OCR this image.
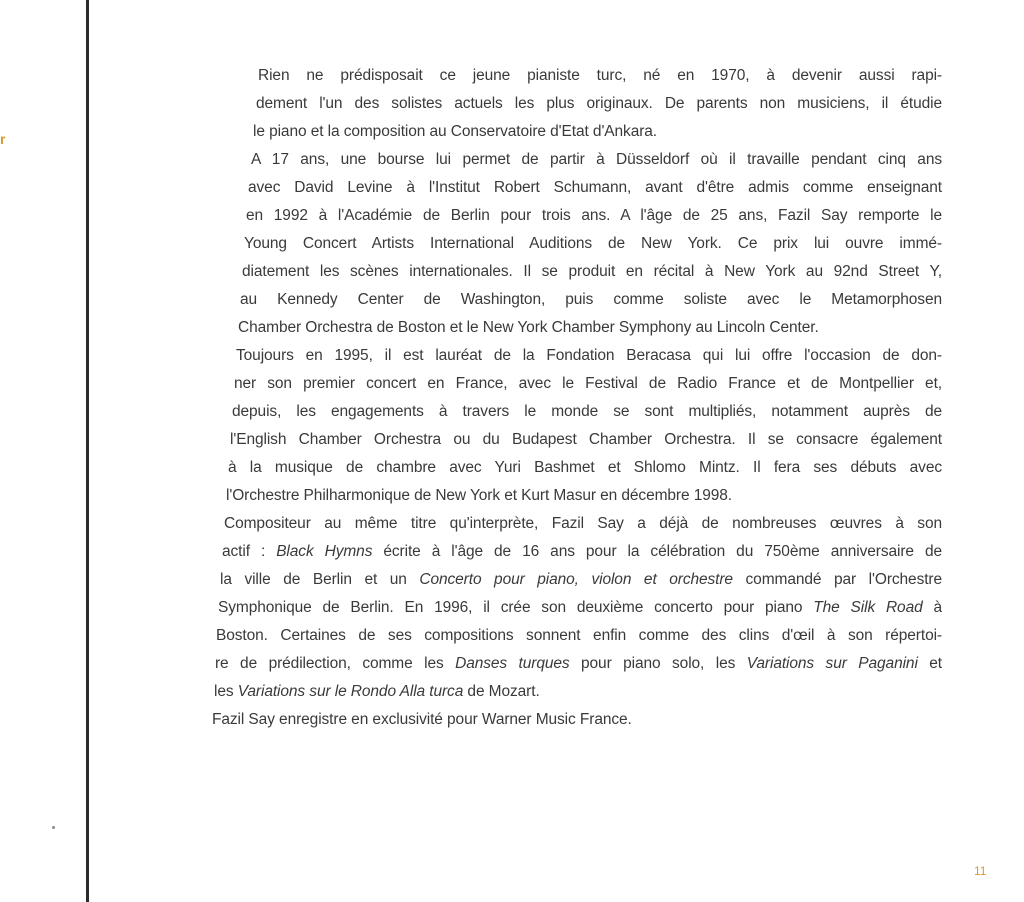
r
11
Rien ne prédisposait ce jeune pianiste turc, né en 1970, à devenir aussi rapi-
dement l'un des solistes actuels les plus originaux. De parents non musiciens, il étudie
le piano et la composition au Conservatoire d'Etat d'Ankara.
A 17 ans, une bourse lui permet de partir à Düsseldorf où il travaille pendant cinq ans
avec David Levine à l'Institut Robert Schumann, avant d'être admis comme enseignant
en 1992 à l'Académie de Berlin pour trois ans. A l'âge de 25 ans, Fazil Say remporte le
Young Concert Artists International Auditions de New York. Ce prix lui ouvre immé-
diatement les scènes internationales. Il se produit en récital à New York au 92nd Street Y,
au Kennedy Center de Washington, puis comme soliste avec le Metamorphosen
Chamber Orchestra de Boston et le New York Chamber Symphony au Lincoln Center.
Toujours en 1995, il est lauréat de la Fondation Beracasa qui lui offre l'occasion de don-
ner son premier concert en France, avec le Festival de Radio France et de Montpellier et,
depuis, les engagements à travers le monde se sont multipliés, notamment auprès de
l'English Chamber Orchestra ou du Budapest Chamber Orchestra. Il se consacre également
à la musique de chambre avec Yuri Bashmet et Shlomo Mintz. Il fera ses débuts avec
l'Orchestre Philharmonique de New York et Kurt Masur en décembre 1998.
Compositeur au même titre qu'interprète, Fazil Say a déjà de nombreuses œuvres à son
actif : Black Hymns écrite à l'âge de 16 ans pour la célébration du 750ème anniversaire de
la ville de Berlin et un Concerto pour piano, violon et orchestre commandé par l'Orchestre
Symphonique de Berlin. En 1996, il crée son deuxième concerto pour piano The Silk Road à
Boston. Certaines de ses compositions sonnent enfin comme des clins d'œil à son répertoi-
re de prédilection, comme les Danses turques pour piano solo, les Variations sur Paganini et
les Variations sur le Rondo Alla turca de Mozart.
Fazil Say enregistre en exclusivité pour Warner Music France.
